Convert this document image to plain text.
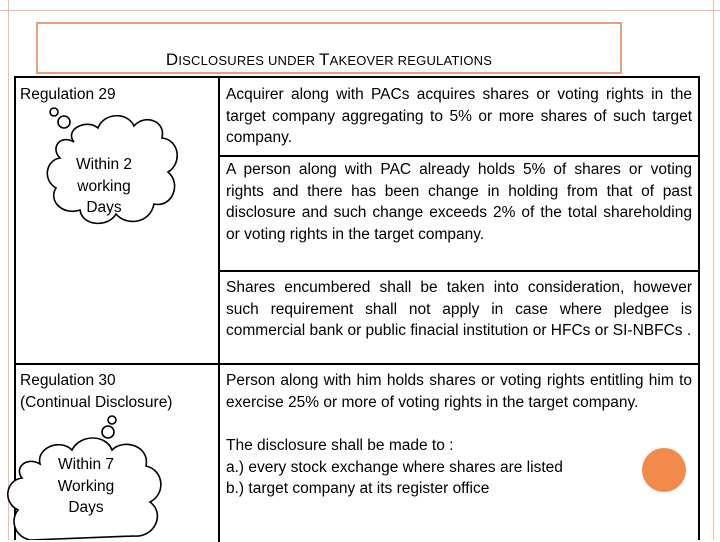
DISCLOSURES UNDER TAKEOVER REGULATIONS
Regulation 29	Acquirer along with PACs acquires shares or voting rights in the target company aggregating to 5% or more shares of such target company.
A person along with PAC already holds 5% of shares or voting rights and there has been change in holding from that of past disclosure and such change exceeds 2% of the total shareholding or voting rights in the target company.
Shares encumbered shall be taken into consideration, however such requirement shall not apply in case where pledgee is commercial bank or public finacial institution or HFCs or SI-NBFCs .
Regulation 30
(Continual Disclosure)
Person along with him holds shares or voting rights entitling him to exercise 25% or more of voting rights in the target company.
The disclosure shall be made to :
a.) every stock exchange where shares are listed
b.) target company at its register office
Within 2
working
Days
Within 7
Working
Days
